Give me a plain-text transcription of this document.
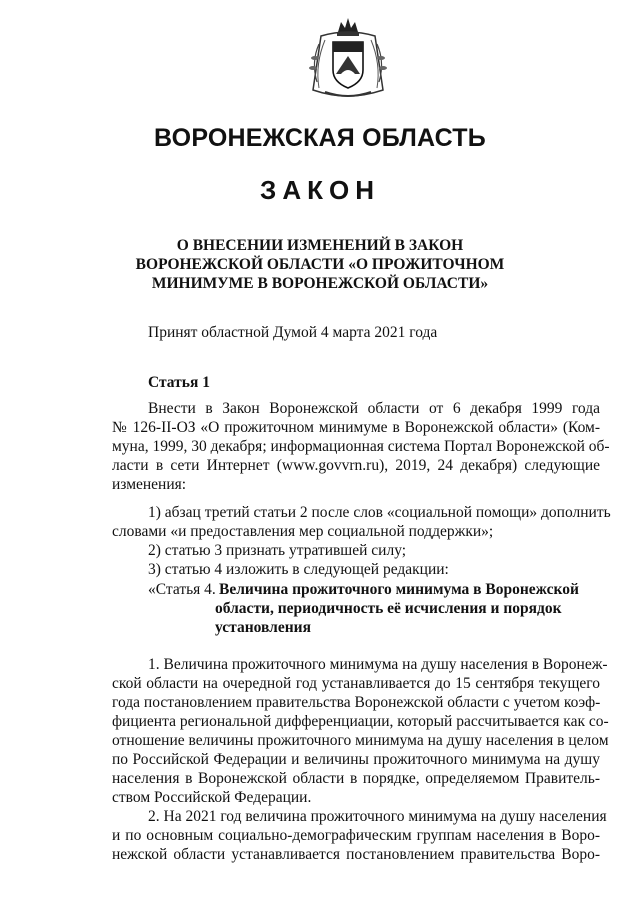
ВОРОНЕЖСКАЯ ОБЛАСТЬ
ЗАКОН
О ВНЕСЕНИИ ИЗМЕНЕНИЙ В ЗАКОН
ВОРОНЕЖСКОЙ ОБЛАСТИ «О ПРОЖИТОЧНОМ
МИНИМУМЕ В ВОРОНЕЖСКОЙ ОБЛАСТИ»
Принят областной Думой 4 марта 2021 года
Статья 1
Внести в Закон Воронежской области от 6 декабря 1999 года
№ 126-II-ОЗ «О прожиточном минимуме в Воронежской области» (Ком-
муна, 1999, 30 декабря; информационная система Портал Воронежской об-
ласти в сети Интернет (www.govvrn.ru), 2019, 24 декабря) следующие
изменения:
1) абзац третий статьи 2 после слов «социальной помощи» дополнить
словами «и предоставления мер социальной поддержки»;
2) статью 3 признать утратившей силу;
3) статью 4 изложить в следующей редакции:
«Статья 4. Величина прожиточного минимума в Воронежской
области, периодичность её исчисления и порядок
установления
1. Величина прожиточного минимума на душу населения в Воронеж-
ской области на очередной год устанавливается до 15 сентября текущего
года постановлением правительства Воронежской области с учетом коэф-
фициента региональной дифференциации, который рассчитывается как со-
отношение величины прожиточного минимума на душу населения в целом
по Российской Федерации и величины прожиточного минимума на душу
населения в Воронежской области в порядке, определяемом Правитель-
ством Российской Федерации.
2. На 2021 год величина прожиточного минимума на душу населения
и по основным социально-демографическим группам населения в Воро-
нежской области устанавливается постановлением правительства Воро-
